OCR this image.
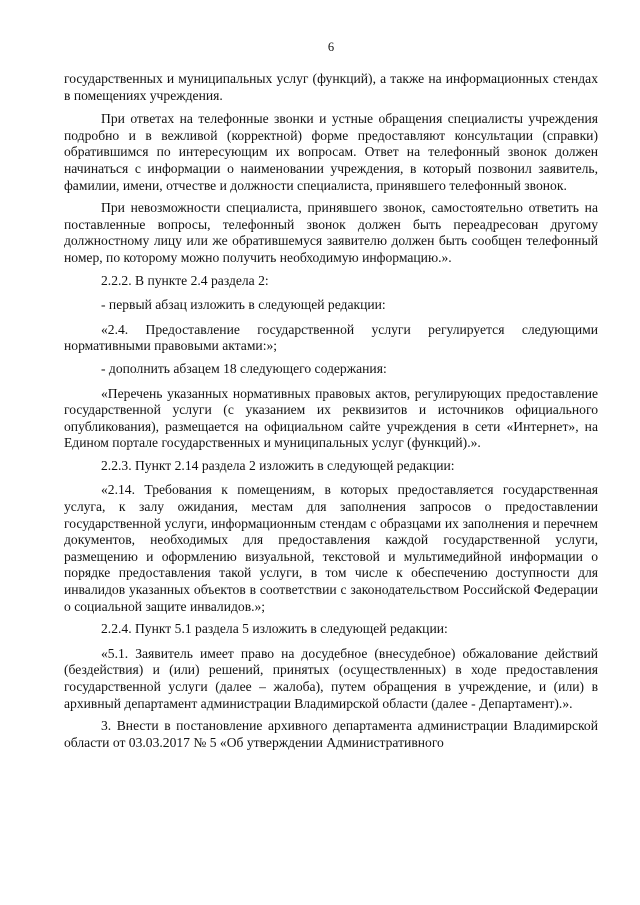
6

государственных и муниципальных услуг (функций), а также на информационных стендах в помещениях учреждения.

При ответах на телефонные звонки и устные обращения специалисты учреждения подробно и в вежливой (корректной) форме предоставляют консультации (справки) обратившимся по интересующим их вопросам. Ответ на телефонный звонок должен начинаться с информации о наименовании учреждения, в который позвонил заявитель, фамилии, имени, отчестве и должности специалиста, принявшего телефонный звонок.

При невозможности специалиста, принявшего звонок, самостоятельно ответить на поставленные вопросы, телефонный звонок должен быть переадресован другому должностному лицу или же обратившемуся заявителю должен быть сообщен телефонный номер, по которому можно получить необходимую информацию.».

2.2.2. В пункте 2.4 раздела 2:

- первый абзац изложить в следующей редакции:

«2.4. Предоставление государственной услуги регулируется следующими нормативными правовыми актами:»;

- дополнить абзацем 18 следующего содержания:

«Перечень указанных нормативных правовых актов, регулирующих предоставление государственной услуги (с указанием их реквизитов и источников официального опубликования), размещается на официальном сайте учреждения в сети «Интернет», на Едином портале государственных и муниципальных услуг (функций).».

2.2.3. Пункт 2.14 раздела 2 изложить в следующей редакции:

«2.14. Требования к помещениям, в которых предоставляется государственная услуга, к залу ожидания, местам для заполнения запросов о предоставлении государственной услуги, информационным стендам с образцами их заполнения и перечнем документов, необходимых для предоставления каждой государственной услуги, размещению и оформлению визуальной, текстовой и мультимедийной информации о порядке предоставления такой услуги, в том числе к обеспечению доступности для инвалидов указанных объектов в соответствии с законодательством Российской Федерации о социальной защите инвалидов.»;

2.2.4. Пункт 5.1 раздела 5 изложить в следующей редакции:

«5.1. Заявитель имеет право на досудебное (внесудебное) обжалование действий (бездействия) и (или) решений, принятых (осуществленных) в ходе предоставления государственной услуги (далее – жалоба), путем обращения в учреждение, и (или) в архивный департамент администрации Владимирской области (далее - Департамент).».

3. Внести в постановление архивного департамента администрации Владимирской области от 03.03.2017 № 5 «Об утверждении Административного
